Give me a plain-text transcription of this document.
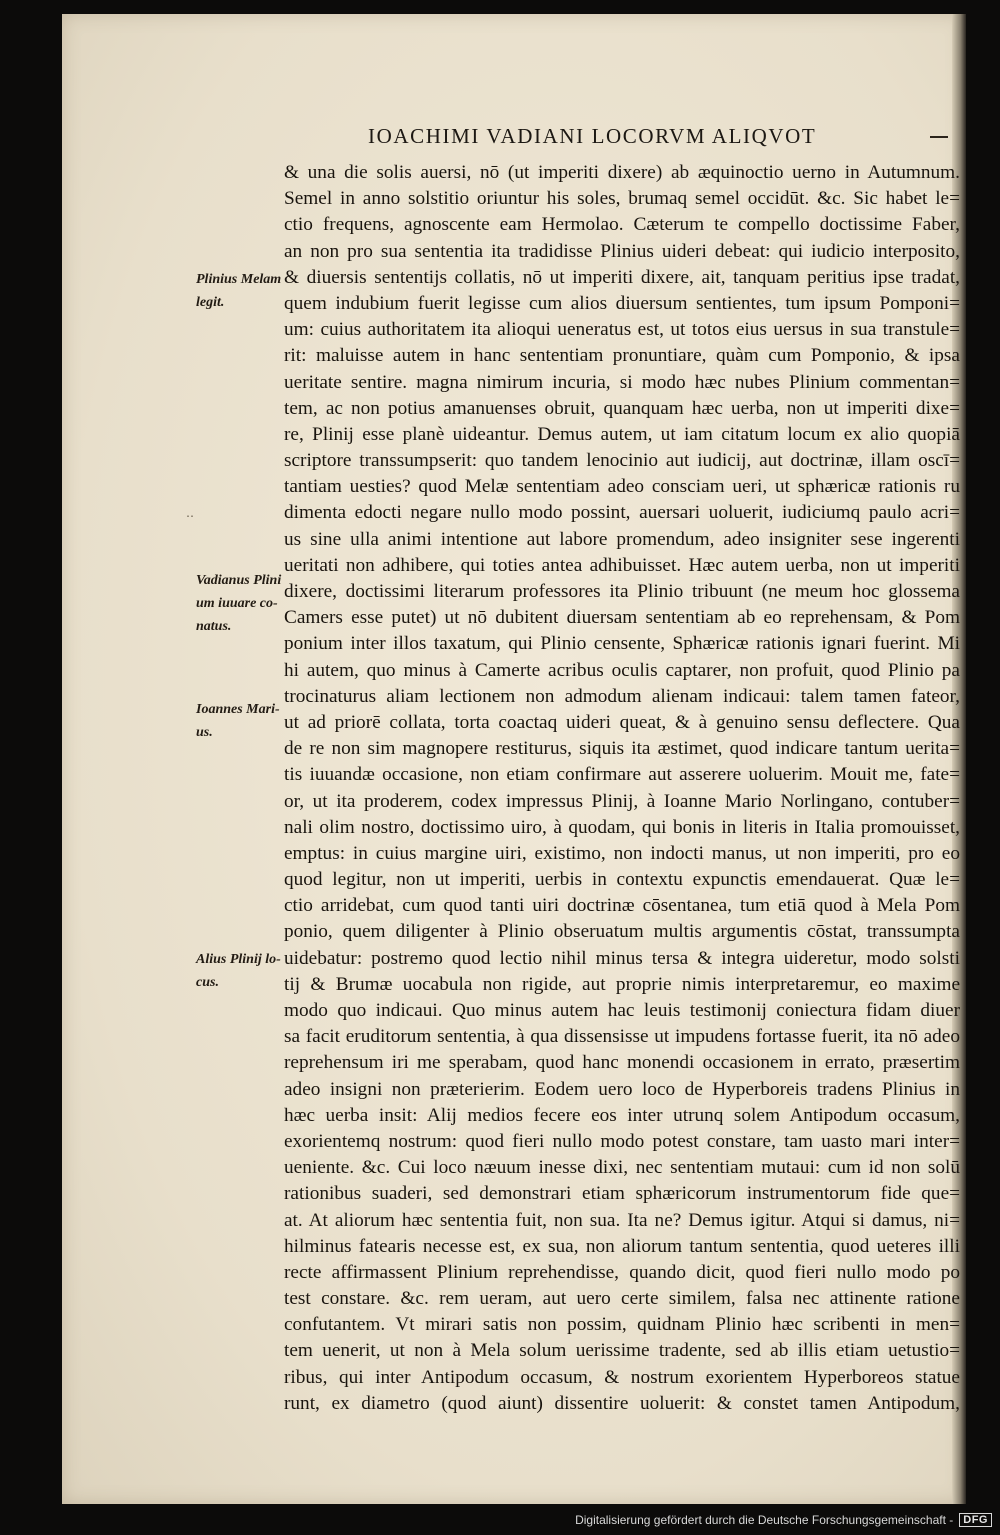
IOACHIMI VADIANI LOCORVM ALIQVOT
& una die solis auersi, nō (ut imperiti dixere) ab æquinoctio uerno in Autumnum.
Semel in anno solstitio oriuntur his soles, brumaq semel occidūt. &c. Sic habet le=
ctio frequens, agnoscente eam Hermolao. Cæterum te compello doctissime Faber,
an non pro sua sententia ita tradidisse Plinius uideri debeat: qui iudicio interposito,
& diuersis sententijs collatis, nō ut imperiti dixere, ait, tanquam peritius ipse tradat,
quem indubium fuerit legisse cum alios diuersum sentientes, tum ipsum Pomponi=
um: cuius authoritatem ita alioqui ueneratus est, ut totos eius uersus in sua transtule=
rit: maluisse autem in hanc sententiam pronuntiare, quàm cum Pomponio, & ipsa
ueritate sentire. magna nimirum incuria, si modo hæc nubes Plinium commentan=
tem, ac non potius amanuenses obruit, quanquam hæc uerba, non ut imperiti dixe=
re, Plinij esse planè uideantur. Demus autem, ut iam citatum locum ex alio quopiā
scriptore transsumpserit: quo tandem lenocinio aut iudicij, aut doctrinæ, illam oscī=
tantiam uesties? quod Melæ sententiam adeo consciam ueri, ut sphæricæ rationis ru
dimenta edocti negare nullo modo possint, auersari uoluerit, iudiciumq paulo acri=
us sine ulla animi intentione aut labore promendum, adeo insigniter sese ingerenti
ueritati non adhibere, qui toties antea adhibuisset. Hæc autem uerba, non ut imperiti
dixere, doctissimi literarum professores ita Plinio tribuunt (ne meum hoc glossema
Camers esse putet) ut nō dubitent diuersam sententiam ab eo reprehensam, & Pom
ponium inter illos taxatum, qui Plinio censente, Sphæricæ rationis ignari fuerint. Mi
hi autem, quo minus à Camerte acribus oculis captarer, non profuit, quod Plinio pa
trocinaturus aliam lectionem non admodum alienam indicaui: talem tamen fateor,
ut ad priorē collata, torta coactaq uideri queat, & à genuino sensu deflectere. Qua
de re non sim magnopere restiturus, siquis ita æstimet, quod indicare tantum uerita=
tis iuuandæ occasione, non etiam confirmare aut asserere uoluerim. Mouit me, fate=
or, ut ita proderem, codex impressus Plinij, à Ioanne Mario Norlingano, contuber=
nali olim nostro, doctissimo uiro, à quodam, qui bonis in literis in Italia promouisset,
emptus: in cuius margine uiri, existimo, non indocti manus, ut non imperiti, pro eo
quod legitur, non ut imperiti, uerbis in contextu expunctis emendauerat. Quæ le=
ctio arridebat, cum quod tanti uiri doctrinæ cōsentanea, tum etiā quod à Mela Pom
ponio, quem diligenter à Plinio obseruatum multis argumentis cōstat, transsumpta
uidebatur: postremo quod lectio nihil minus tersa & integra uideretur, modo solsti
tij & Brumæ uocabula non rigide, aut proprie nimis interpretaremur, eo maxime
modo quo indicaui. Quo minus autem hac leuis testimonij coniectura fidam diuer
sa facit eruditorum sententia, à qua dissensisse ut impudens fortasse fuerit, ita nō adeo
reprehensum iri me sperabam, quod hanc monendi occasionem in errato, præsertim
adeo insigni non præterierim. Eodem uero loco de Hyperboreis tradens Plinius in
hæc uerba insit: Alij medios fecere eos inter utrunq solem Antipodum occasum,
exorientemq nostrum: quod fieri nullo modo potest constare, tam uasto mari inter=
ueniente. &c. Cui loco næuum inesse dixi, nec sententiam mutaui: cum id non solū
rationibus suaderi, sed demonstrari etiam sphæricorum instrumentorum fide que=
at. At aliorum hæc sententia fuit, non sua. Ita ne? Demus igitur. Atqui si damus, ni=
hilminus fatearis necesse est, ex sua, non aliorum tantum sententia, quod ueteres illi
recte affirmassent Plinium reprehendisse, quando dicit, quod fieri nullo modo po
test constare. &c. rem ueram, aut uero certe similem, falsa nec attinente ratione
confutantem. Vt mirari satis non possim, quidnam Plinio hæc scribenti in men=
tem uenerit, ut non à Mela solum uerissime tradente, sed ab illis etiam uetustio=
ribus, qui inter Antipodum occasum, & nostrum exorientem Hyperboreos statue
runt, ex diametro (quod aiunt) dissentire uoluerit: & constet tamen Antipodum,
Plinius Melam
legit.
Vadianus Plini
um iuuare co-
natus.
Ioannes Mari-
us.
Alius Plinij lo-
cus.
‥
Digitalisierung gefördert durch die Deutsche Forschungsgemeinschaft - DFG
